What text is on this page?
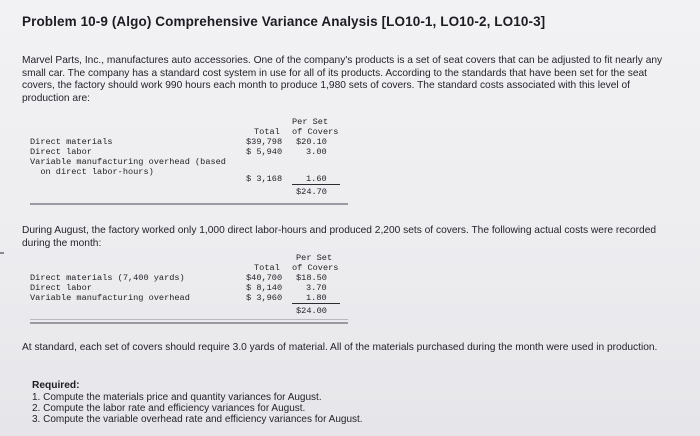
Problem 10-9 (Algo) Comprehensive Variance Analysis [LO10-1, LO10-2, LO10-3]
Marvel Parts, Inc., manufactures auto accessories. One of the company's products is a set of seat covers that can be adjusted to fit nearly any small car. The company has a standard cost system in use for all of its products. According to the standards that have been set for the seat covers, the factory should work 990 hours each month to produce 1,980 sets of covers. The standard costs associated with this level of production are:
Per Set
Total of Covers
Direct materials	$39,798 $20.10
Direct labor	$ 5,940	3.00
Variable manufacturing overhead (based
on direct labor-hours)
$ 3,168	1.60
$24.70
During August, the factory worked only 1,000 direct labor-hours and produced 2,200 sets of covers. The following actual costs were recorded during the month:
Per Set
Total of Covers
Direct materials (7,400 yards)	$40,700 $18.50
Direct labor	$ 8,140	3.70
Variable manufacturing overhead	$ 3,960	1.80
$24.00
At standard, each set of covers should require 3.0 yards of material. All of the materials purchased during the month were used in production.
Required:
1. Compute the materials price and quantity variances for August.
2. Compute the labor rate and efficiency variances for August.
3. Compute the variable overhead rate and efficiency variances for August.
